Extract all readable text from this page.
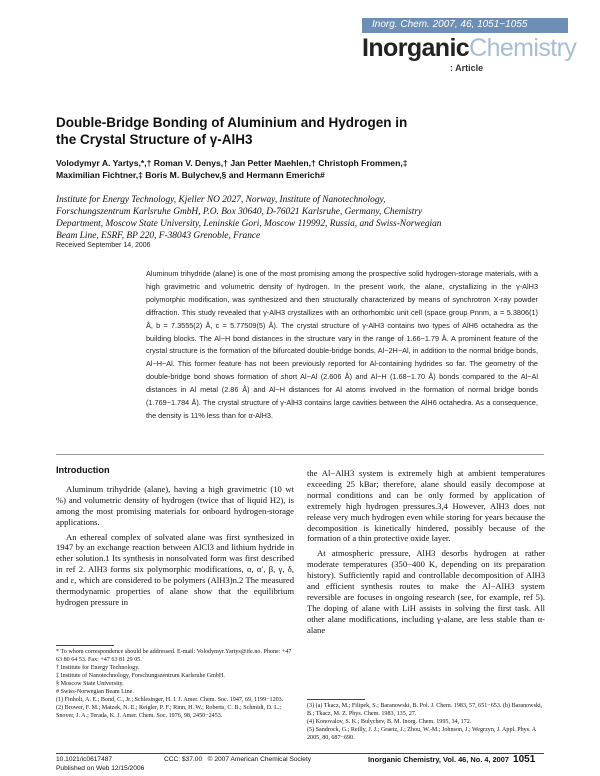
Inorg. Chem. 2007, 46, 1051−1055
InorganicChemistry
: Article
Double-Bridge Bonding of Aluminium and Hydrogen in the Crystal Structure of γ-AlH3
Volodymyr A. Yartys,*,† Roman V. Denys,† Jan Petter Maehlen,† Christoph Frommen,‡ Maximilian Fichtner,‡ Boris M. Bulychev,§ and Hermann Emerich#
Institute for Energy Technology, Kjeller NO 2027, Norway, Institute of Nanotechnology, Forschungszentrum Karlsruhe GmbH, P.O. Box 30640, D-76021 Karlsruhe, Germany, Chemistry Department, Moscow State University, Leninskie Gori, Moscow 119992, Russia, and Swiss-Norwegian Beam Line, ESRF, BP 220, F-38043 Grenoble, France
Received September 14, 2006
Aluminum trihydride (alane) is one of the most promising among the prospective solid hydrogen-storage materials, with a high gravimetric and volumetric density of hydrogen. In the present work, the alane, crystallizing in the γ-AlH3 polymorphic modification, was synthesized and then structurally characterized by means of synchrotron X-ray powder diffraction. This study revealed that γ-AlH3 crystallizes with an orthorhombic unit cell (space group Pnnm, a = 5.3806(1) Å, b = 7.3555(2) Å, c = 5.77509(5) Å). The crystal structure of γ-AlH3 contains two types of AlH6 octahedra as the building blocks. The Al−H bond distances in the structure vary in the range of 1.66−1.79 Å. A prominent feature of the crystal structure is the formation of the bifurcated double-bridge bonds, Al−2H−Al, in addition to the normal bridge bonds, Al−H−Al. This former feature has not been previously reported for Al-containing hydrides so far. The geometry of the double-bridge bond shows formation of short Al−Al (2.606 Å) and Al−H (1.68−1.70 Å) bonds compared to the Al−Al distances in Al metal (2.86 Å) and Al−H distances for Al atoms involved in the formation of normal bridge bonds (1.769−1.784 Å). The crystal structure of γ-AlH3 contains large cavities between the AlH6 octahedra. As a consequence, the density is 11% less than for α-AlH3.
Introduction

Aluminum trihydride (alane), having a high gravimetric (10 wt %) and volumetric density of hydrogen (twice that of liquid H2), is among the most promising materials for onboard hydrogen-storage applications.

An ethereal complex of solvated alane was first synthesized in 1947 by an exchange reaction between AlCl3 and lithium hydride in ether solution.1 Its synthesis in nonsolvated form was first described in ref 2. AlH3 forms six polymorphic modifications, α, α′, β, γ, δ, and ε, which are considered to be polymers (AlH3)n.2 The measured thermodynamic properties of alane show that the equilibrium hydrogen pressure in

the Al−AlH3 system is extremely high at ambient temperatures exceeding 25 kBar; therefore, alane should easily decompose at normal conditions and can be only formed by application of extremely high hydrogen pressures.3,4 However, AlH3 does not release very much hydrogen even while storing for years because the decomposition is kinetically hindered, possibly because of the formation of a thin protective oxide layer.

At atmospheric pressure, AlH3 desorbs hydrogen at rather moderate temperatures (350−400 K, depending on its preparation history). Sufficiently rapid and controllable decomposition of AlH3 and efficient synthesis routes to make the Al−AlH3 system reversible are focuses in ongoing research (see, for example, ref 5). The doping of alane with LiH assists in solving the first task. All other alane modifications, including γ-alane, are less stable than α-alane

* To whom correspondence should be addressed. E-mail: Volodymyr.Yartys@ife.no. Phone: +47 63 80 64 53. Fax: +47 63 81 29 05.
† Institute for Energy Technology.
‡ Institute of Nanotechnology, Forschungszentrum Karlsruhe GmbH.
§ Moscow State University.
# Swiss-Norwegian Beam Line.
(1) Finholt, A. E.; Bond, C., Jr.; Schlesinger, H. I. J. Amer. Chem. Soc. 1947, 69, 1199−1203.
(2) Brower, F. M.; Matzek, N. E.; Reigler, P. F.; Rinn, H. W.; Roberts, C. B.; Schmidt, D. L.; Snover, J. A.; Terada, K. J. Amer. Chem. Soc. 1976, 98, 2450−2453.
(3) (a) Tkacz, M.; Filipek, S.; Baranowski, B. Pol. J. Chem. 1983, 57, 651−653. (b) Baranowski, B.; Tkacz, M. Z. Phys. Chem. 1983, 135, 27.
(4) Konovalov, S. K.; Bulychev, B. M. Inorg. Chem. 1995, 34, 172.
(5) Sandrock, G.; Reilly, J. J.; Graetz, J.; Zhou, W.-M.; Johnson, J.; Wegrzyn, J. Appl. Phys. A 2005, 80, 687−690.
10.1021/ic0617487
Published on Web 12/15/2006
CCC: $37.00 © 2007 American Chemical Society	Inorganic Chemistry, Vol. 46, No. 4, 2007 1051
